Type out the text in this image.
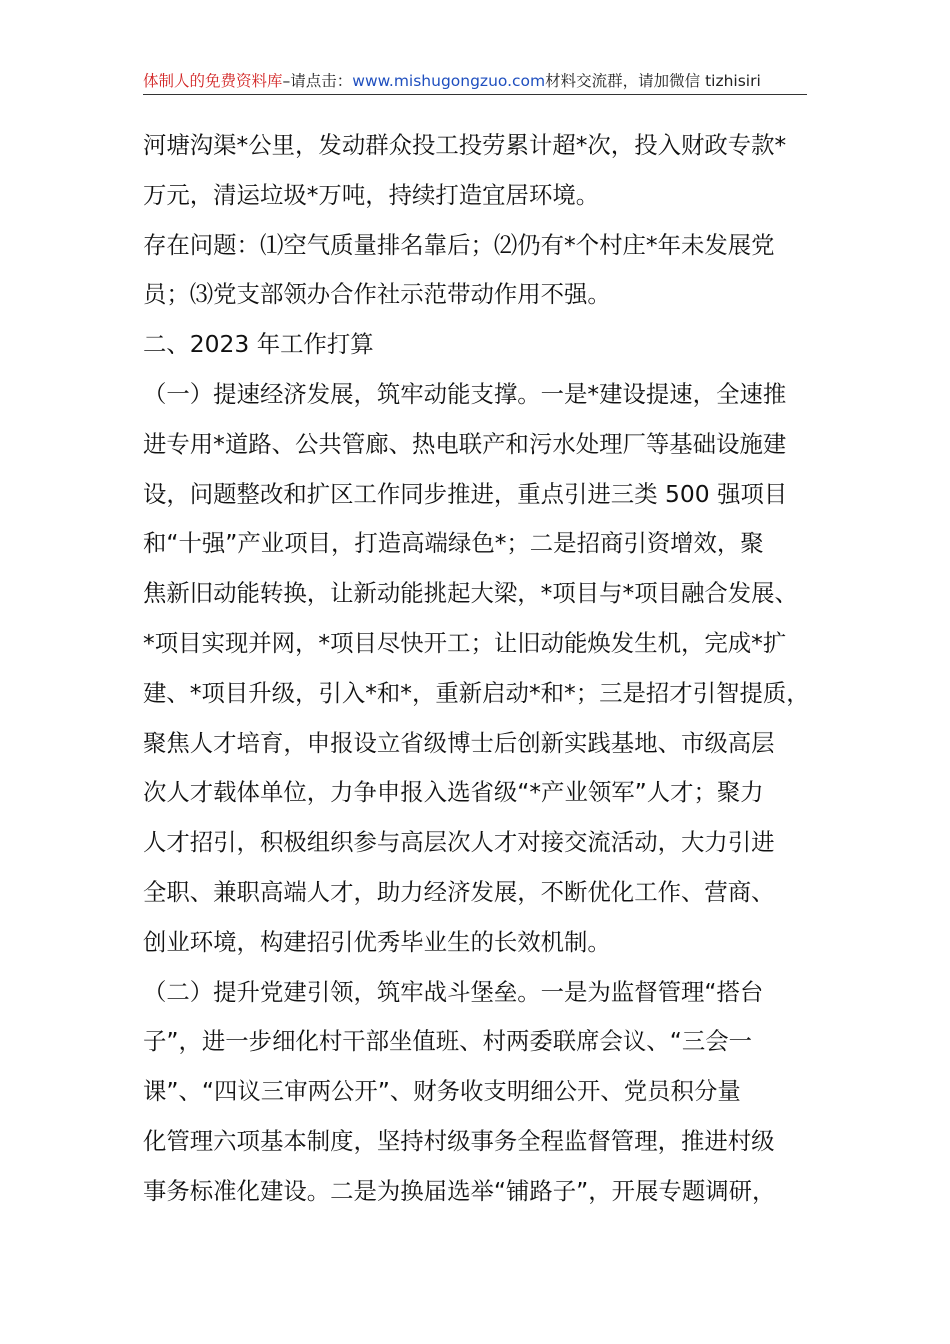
体制人的免费资料库–请点击：www.mishugongzuo.com材料交流群，请加微信 tizhisiri
河塘沟渠*公里，发动群众投工投劳累计超*次，投入财政专款*
万元，清运垃圾*万吨，持续打造宜居环境。
存在问题：⑴空气质量排名靠后；⑵仍有*个村庄*年未发展党
员；⑶党支部领办合作社示范带动作用不强。
二、2023 年工作打算
（一）提速经济发展，筑牢动能支撑。一是*建设提速，全速推
进专用*道路、公共管廊、热电联产和污水处理厂等基础设施建
设，问题整改和扩区工作同步推进，重点引进三类 500 强项目
和“十强”产业项目，打造高端绿色*；二是招商引资增效，聚
焦新旧动能转换，让新动能挑起大梁，*项目与*项目融合发展、
*项目实现并网，*项目尽快开工；让旧动能焕发生机，完成*扩
建、*项目升级，引入*和*，重新启动*和*；三是招才引智提质，
聚焦人才培育，申报设立省级博士后创新实践基地、市级高层
次人才载体单位，力争申报入选省级“*产业领军”人才；聚力
人才招引，积极组织参与高层次人才对接交流活动，大力引进
全职、兼职高端人才，助力经济发展，不断优化工作、营商、
创业环境，构建招引优秀毕业生的长效机制。
（二）提升党建引领，筑牢战斗堡垒。一是为监督管理“搭台
子”，进一步细化村干部坐值班、村两委联席会议、“三会一
课”、“四议三审两公开”、财务收支明细公开、党员积分量
化管理六项基本制度，坚持村级事务全程监督管理，推进村级
事务标准化建设。二是为换届选举“铺路子”，开展专题调研，
